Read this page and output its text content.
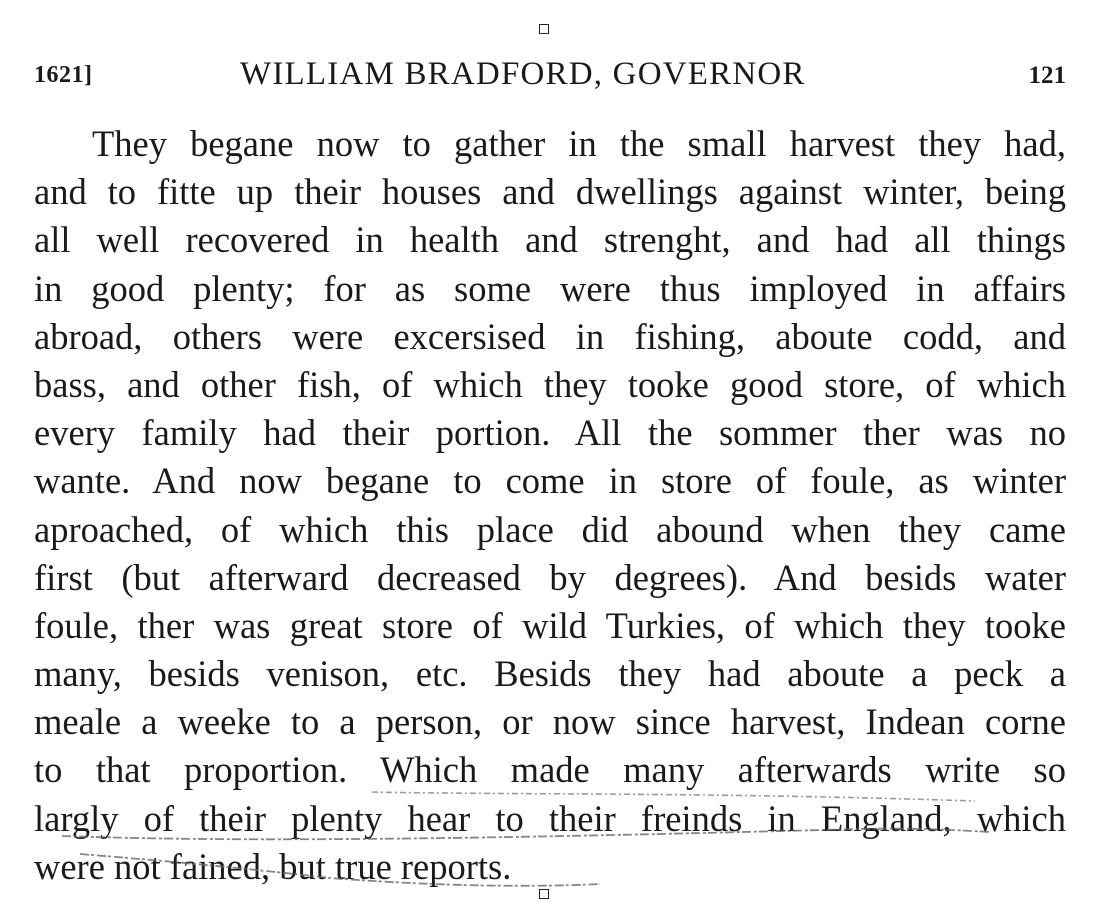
1621]	WILLIAM BRADFORD, GOVERNOR	121
They begane now to gather in the small harvest they had,
and to fitte up their houses and dwellings against winter, being
all well recovered in health and strenght, and had all things
in good plenty; for as some were thus imployed in affairs
abroad, others were excersised in fishing, aboute codd, and
bass, and other fish, of which they tooke good store, of which
every family had their portion. All the sommer ther was no
wante. And now begane to come in store of foule, as winter
aproached, of which this place did abound when they came
first (but afterward decreased by degrees). And besids water
foule, ther was great store of wild Turkies, of which they tooke
many, besids venison, etc. Besids they had aboute a peck a
meale a weeke to a person, or now since harvest, Indean corne
to that proportion. Which made many afterwards write so
largly of their plenty hear to their freinds in England, which
were not fained, but true reports.
